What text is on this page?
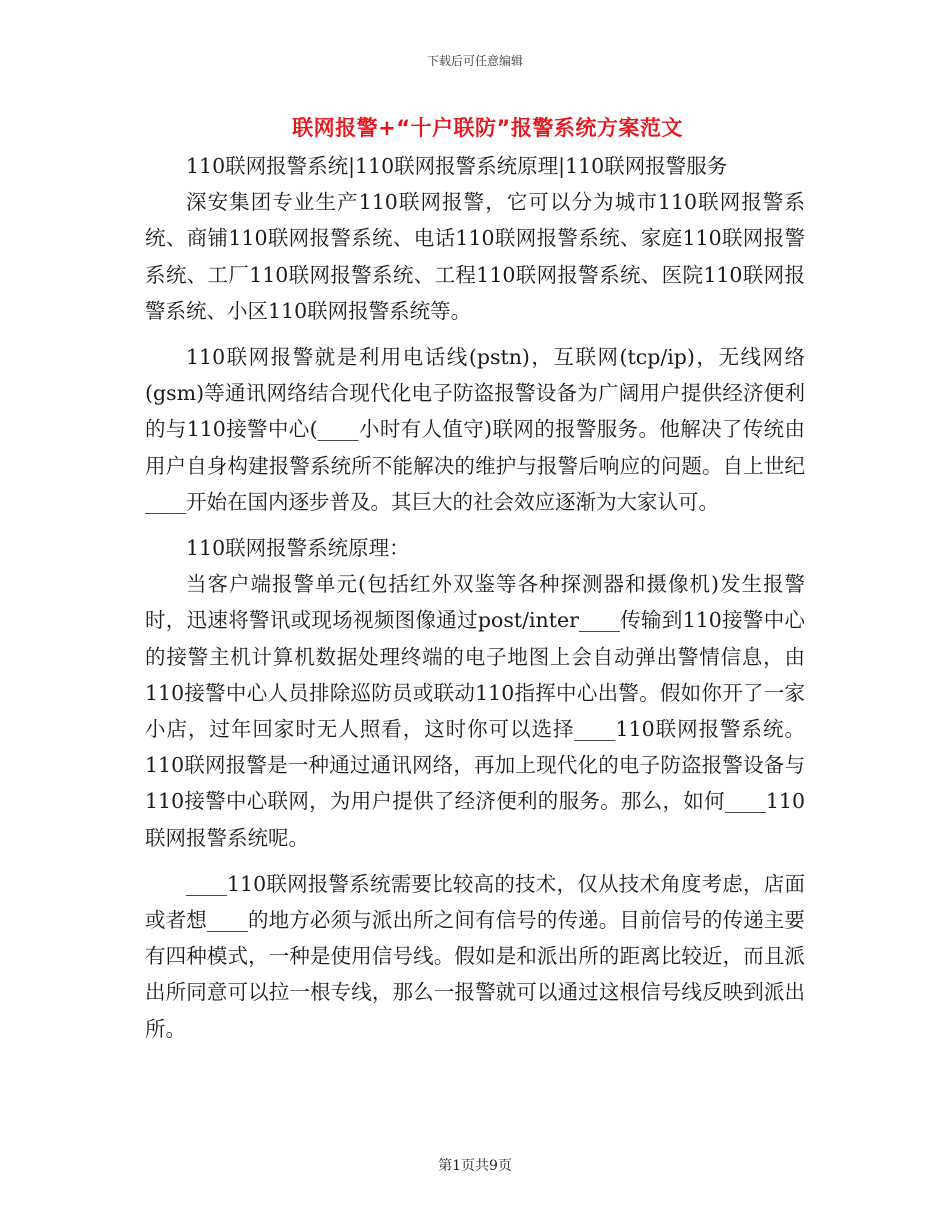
下载后可任意编辑
联网报警+“十户联防”报警系统方案范文

110联网报警系统|110联网报警系统原理|110联网报警服务

深安集团专业生产110联网报警，它可以分为城市110联网报警系统、商铺110联网报警系统、电话110联网报警系统、家庭110联网报警系统、工厂110联网报警系统、工程110联网报警系统、医院110联网报警系统、小区110联网报警系统等。

110联网报警就是利用电话线(pstn)，互联网(tcp/ip)，无线网络(gsm)等通讯网络结合现代化电子防盗报警设备为广阔用户提供经济便利的与110接警中心(____小时有人值守)联网的报警服务。他解决了传统由用户自身构建报警系统所不能解决的维护与报警后响应的问题。自上世纪____开始在国内逐步普及。其巨大的社会效应逐渐为大家认可。

110联网报警系统原理：

当客户端报警单元(包括红外双鉴等各种探测器和摄像机)发生报警时，迅速将警讯或现场视频图像通过post/inter____传输到110接警中心的接警主机计算机数据处理终端的电子地图上会自动弹出警情信息，由110接警中心人员排除巡防员或联动110指挥中心出警。假如你开了一家小店，过年回家时无人照看，这时你可以选择____110联网报警系统。110联网报警是一种通过通讯网络，再加上现代化的电子防盗报警设备与110接警中心联网，为用户提供了经济便利的服务。那么，如何____110联网报警系统呢。

____110联网报警系统需要比较高的技术，仅从技术角度考虑，店面或者想____的地方必须与派出所之间有信号的传递。目前信号的传递主要有四种模式，一种是使用信号线。假如是和派出所的距离比较近，而且派出所同意可以拉一根专线，那么一报警就可以通过这根信号线反映到派出所。

第1页共9页
